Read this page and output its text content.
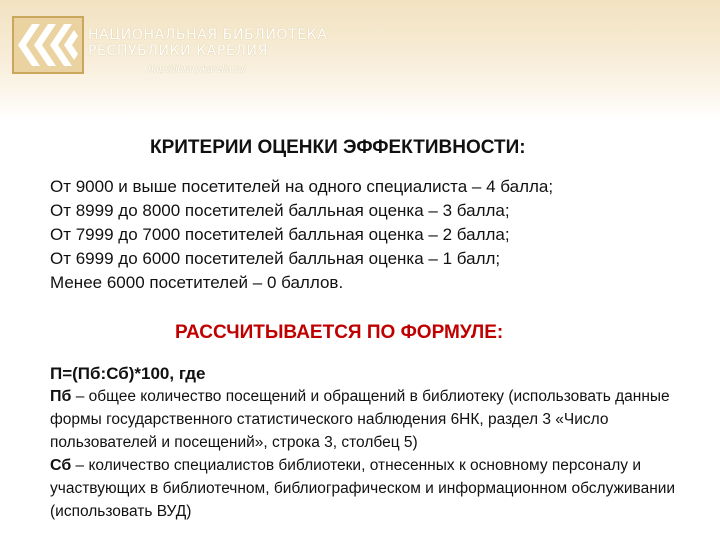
НАЦИОНАЛЬНАЯ БИБЛИОТЕКА
РЕСПУБЛИКИ КАРЕЛИЯ
http://library.karelia.ru/
КРИТЕРИИ ОЦЕНКИ ЭФФЕКТИВНОСТИ:
От 9000 и выше посетителей на одного специалиста – 4 балла;
От 8999 до 8000 посетителей балльная оценка – 3 балла;
От 7999 до 7000 посетителей балльная оценка – 2 балла;
От 6999 до 6000 посетителей балльная оценка – 1 балл;
Менее 6000 посетителей – 0 баллов.
РАССЧИТЫВАЕТСЯ ПО ФОРМУЛЕ:
П=(Пб:Сб)*100, где

Пб – общее количество посещений и обращений в библиотеку (использовать данные формы государственного статистического наблюдения 6НК, раздел 3 «Число пользователей и посещений», строка 3, столбец 5)

Сб – количество специалистов библиотеки, отнесенных к основному персоналу и участвующих в библиотечном, библиографическом и информационном обслуживании (использовать ВУД)
